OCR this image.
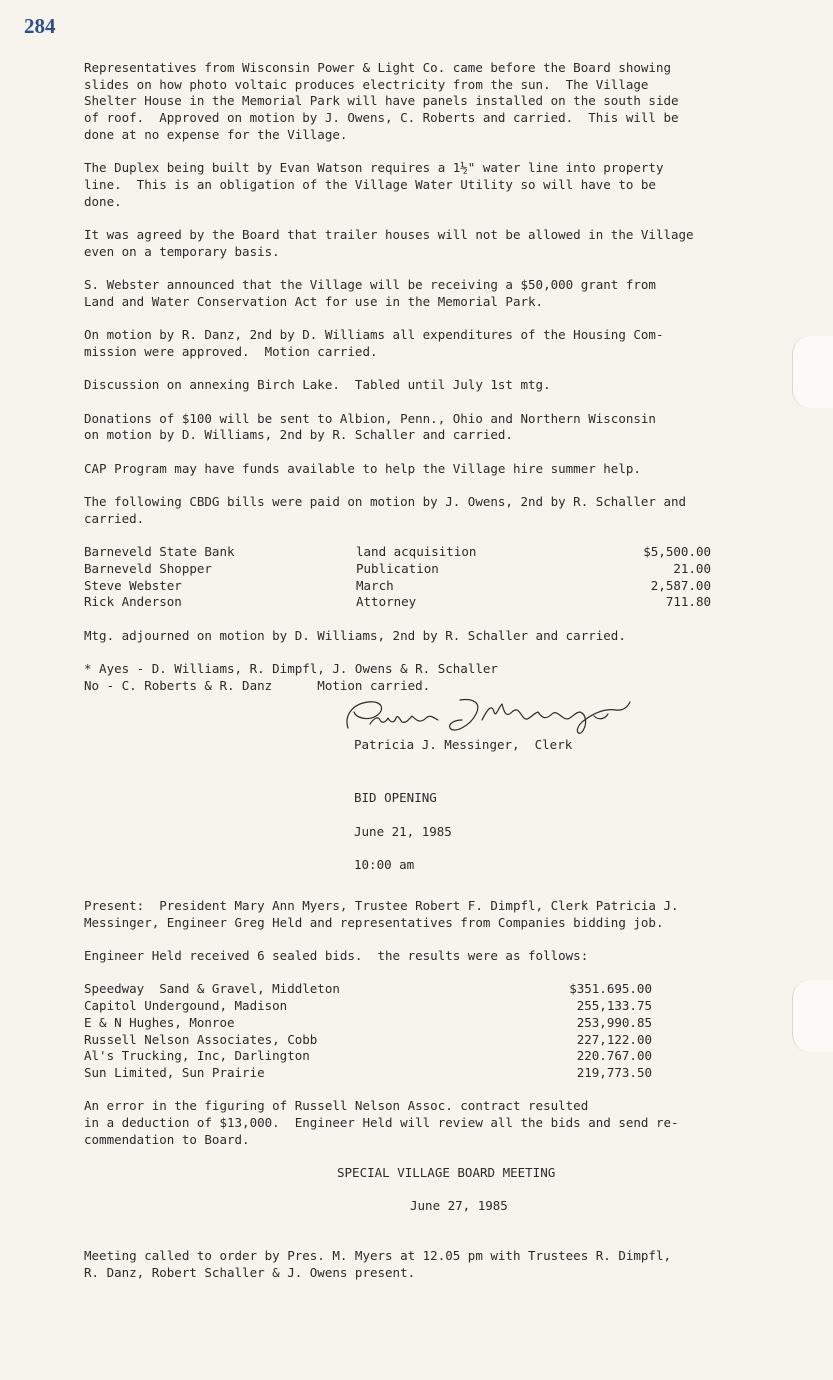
284
Representatives from Wisconsin Power & Light Co. came before the Board showing
slides on how photo voltaic produces electricity from the sun.  The Village
Shelter House in the Memorial Park will have panels installed on the south side
of roof.  Approved on motion by J. Owens, C. Roberts and carried.  This will be
done at no expense for the Village.
The Duplex being built by Evan Watson requires a 1½" water line into property
line.  This is an obligation of the Village Water Utility so will have to be
done.
It was agreed by the Board that trailer houses will not be allowed in the Village
even on a temporary basis.
S. Webster announced that the Village will be receiving a $50,000 grant from
Land and Water Conservation Act for use in the Memorial Park.
On motion by R. Danz, 2nd by D. Williams all expenditures of the Housing Com-
mission were approved.  Motion carried.
Discussion on annexing Birch Lake.  Tabled until July 1st mtg.
Donations of $100 will be sent to Albion, Penn., Ohio and Northern Wisconsin
on motion by D. Williams, 2nd by R. Schaller and carried.
CAP Program may have funds available to help the Village hire summer help.
The following CBDG bills were paid on motion by J. Owens, 2nd by R. Schaller and
carried.
Barneveld State Bank	land acquisition	$5,500.00
Barneveld Shopper	Publication	21.00
Steve Webster	March	2,587.00
Rick Anderson	Attorney	711.80
Mtg. adjourned on motion by D. Williams, 2nd by R. Schaller and carried.
* Ayes - D. Williams, R. Dimpfl, J. Owens & R. Schaller
No - C. Roberts & R. Danz      Motion carried.
Patricia J. Messinger,  Clerk
BID OPENING
June 21, 1985
10:00 am
Present:  President Mary Ann Myers, Trustee Robert F. Dimpfl, Clerk Patricia J.
Messinger, Engineer Greg Held and representatives from Companies bidding job.
Engineer Held received 6 sealed bids.  the results were as follows:
Speedway  Sand & Gravel, Middleton	$351.695.00
Capitol Undergound, Madison	255,133.75
E & N Hughes, Monroe	253,990.85
Russell Nelson Associates, Cobb	227,122.00
Al's Trucking, Inc, Darlington	220.767.00
Sun Limited, Sun Prairie	219,773.50
An error in the figuring of Russell Nelson Assoc. contract resulted
in a deduction of $13,000.  Engineer Held will review all the bids and send re-
commendation to Board.
SPECIAL VILLAGE BOARD MEETING
June 27, 1985
Meeting called to order by Pres. M. Myers at 12.05 pm with Trustees R. Dimpfl,
R. Danz, Robert Schaller & J. Owens present.
